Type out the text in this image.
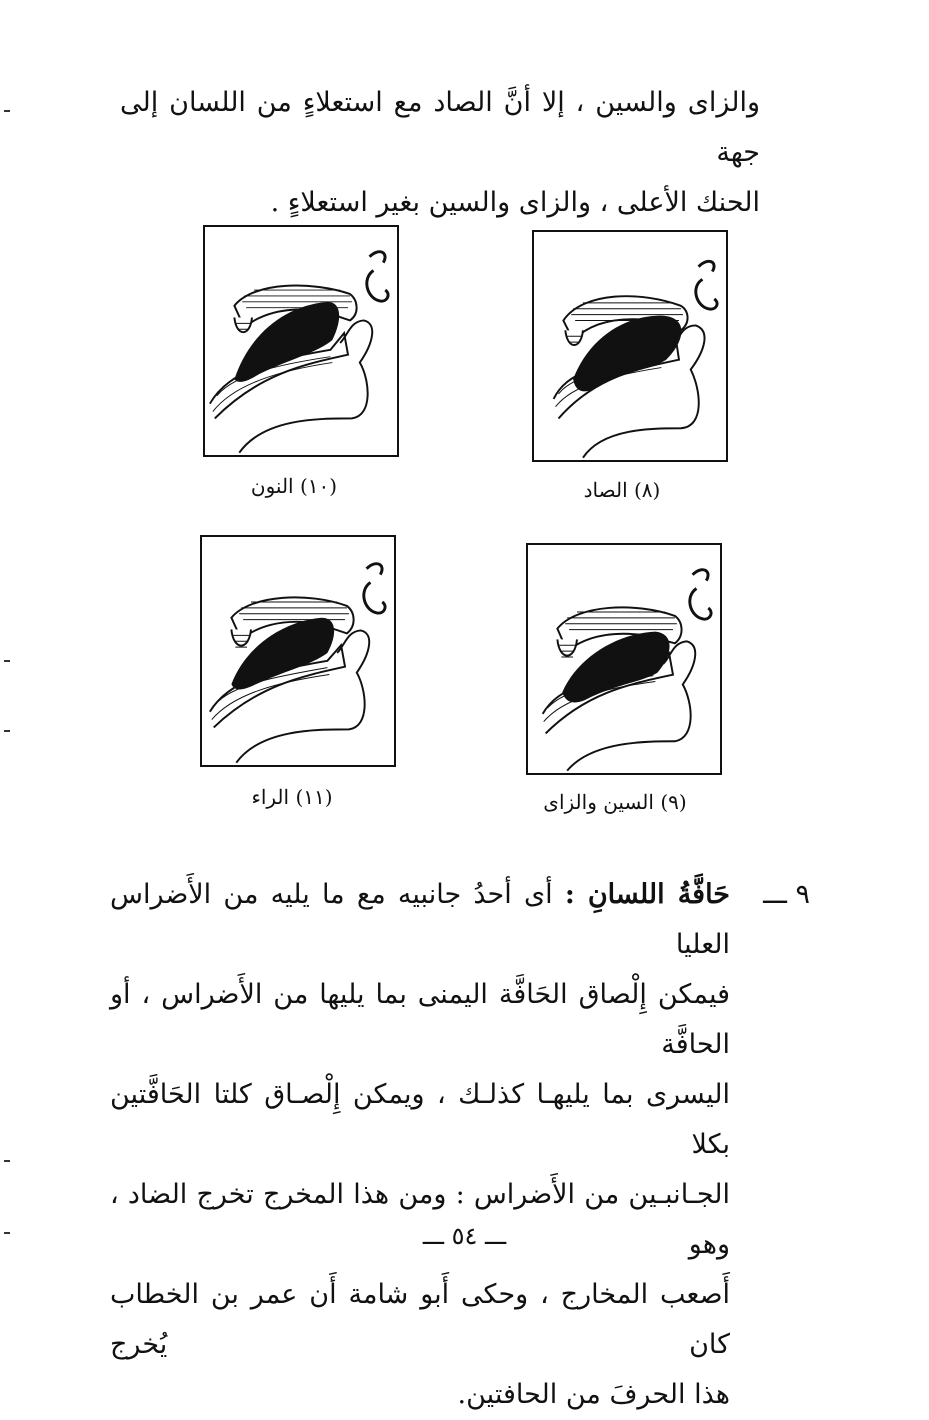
والزاى والسين ، إلا أنَّ الصاد مع استعلاءٍ من اللسان إلى جهة

الحنك الأعلى ، والزاى والسين بغير استعلاءٍ .

(٨) الصاد
(١٠) النون
(٩) السين والزاى
(١١) الراء
٩ ـــ
حَافَّةُ اللسانِ : أى أحدُ جانبيه مع ما يليه من الأَضراس العليا
فيمكن إِلْصاق الحَافَّة اليمنى بما يليها من الأَضراس ، أو الحافَّة
اليسرى بما يليهـا كذلـك ، ويمكن إِلْصـاق كلتا الحَافَّتين بكلا
الجـانبـين من الأَضراس : ومن هذا المخرج تخرج الضاد ، وهو
أَصعب المخارج ، وحكى أَبو شامة أَن عمر بن الخطاب كان يُخرج
هذا الحرفَ من الحافتين.
ـــ ٥٤ ـــ
